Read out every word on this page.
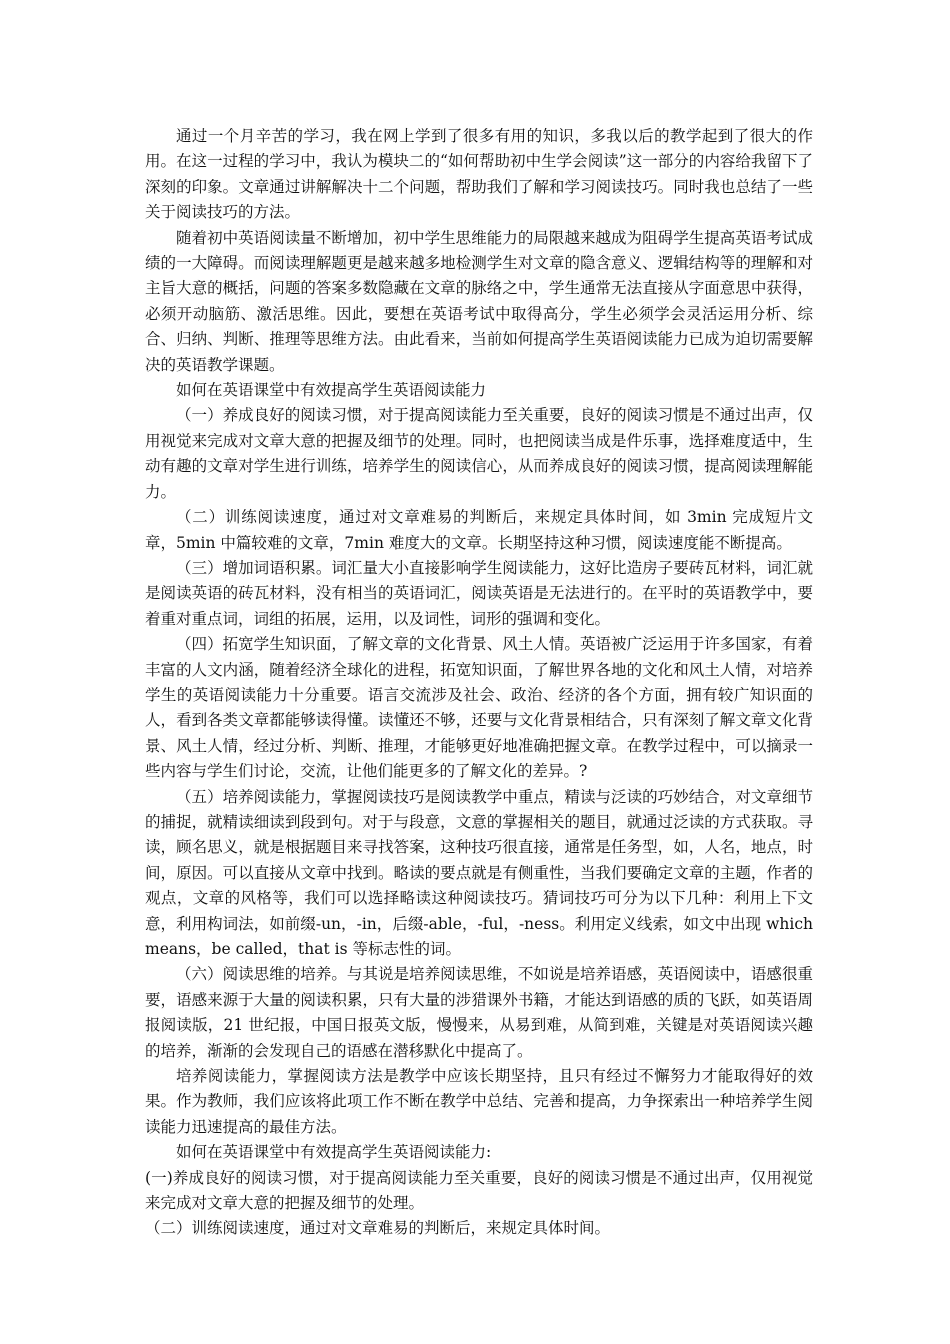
通过一个月辛苦的学习，我在网上学到了很多有用的知识，多我以后的教学起到了很大的作用。在这一过程的学习中，我认为模块二的“如何帮助初中生学会阅读”这一部分的内容给我留下了深刻的印象。文章通过讲解解决十二个问题，帮助我们了解和学习阅读技巧。同时我也总结了一些关于阅读技巧的方法。

随着初中英语阅读量不断增加，初中学生思维能力的局限越来越成为阻碍学生提高英语考试成绩的一大障碍。而阅读理解题更是越来越多地检测学生对文章的隐含意义、逻辑结构等的理解和对主旨大意的概括，问题的答案多数隐藏在文章的脉络之中，学生通常无法直接从字面意思中获得，必须开动脑筋、激活思维。因此，要想在英语考试中取得高分，学生必须学会灵活运用分析、综合、归纳、判断、推理等思维方法。由此看来，当前如何提高学生英语阅读能力已成为迫切需要解决的英语教学课题。

如何在英语课堂中有效提高学生英语阅读能力

（一）养成良好的阅读习惯，对于提高阅读能力至关重要，良好的阅读习惯是不通过出声，仅用视觉来完成对文章大意的把握及细节的处理。同时，也把阅读当成是件乐事，选择难度适中，生动有趣的文章对学生进行训练，培养学生的阅读信心，从而养成良好的阅读习惯，提高阅读理解能力。

（二）训练阅读速度，通过对文章难易的判断后，来规定具体时间，如 3min 完成短片文章，5min 中篇较难的文章，7min 难度大的文章。长期坚持这种习惯，阅读速度能不断提高。

（三）增加词语积累。词汇量大小直接影响学生阅读能力，这好比造房子要砖瓦材料，词汇就是阅读英语的砖瓦材料，没有相当的英语词汇，阅读英语是无法进行的。在平时的英语教学中，要着重对重点词，词组的拓展，运用，以及词性，词形的强调和变化。

（四）拓宽学生知识面，了解文章的文化背景、风土人情。英语被广泛运用于许多国家，有着丰富的人文内涵，随着经济全球化的进程，拓宽知识面，了解世界各地的文化和风土人情，对培养学生的英语阅读能力十分重要。语言交流涉及社会、政治、经济的各个方面，拥有较广知识面的人，看到各类文章都能够读得懂。读懂还不够，还要与文化背景相结合，只有深刻了解文章文化背景、风土人情，经过分析、判断、推理，才能够更好地准确把握文章。在教学过程中，可以摘录一些内容与学生们讨论，交流，让他们能更多的了解文化的差异。?

（五）培养阅读能力，掌握阅读技巧是阅读教学中重点，精读与泛读的巧妙结合，对文章细节的捕捉，就精读细读到段到句。对于与段意，文意的掌握相关的题目，就通过泛读的方式获取。寻读，顾名思义，就是根据题目来寻找答案，这种技巧很直接，通常是任务型，如，人名，地点，时间，原因。可以直接从文章中找到。略读的要点就是有侧重性，当我们要确定文章的主题，作者的观点，文章的风格等，我们可以选择略读这种阅读技巧。猜词技巧可分为以下几种：利用上下文意，利用构词法，如前缀-un，-in，后缀-able，-ful，-ness。利用定义线索，如文中出现 which means，be called，that is 等标志性的词。

（六）阅读思维的培养。与其说是培养阅读思维，不如说是培养语感，英语阅读中，语感很重要，语感来源于大量的阅读积累，只有大量的涉猎课外书籍，才能达到语感的质的飞跃，如英语周报阅读版，21 世纪报，中国日报英文版，慢慢来，从易到难，从简到难，关键是对英语阅读兴趣的培养，渐渐的会发现自己的语感在潜移默化中提高了。

培养阅读能力，掌握阅读方法是教学中应该长期坚持，且只有经过不懈努力才能取得好的效果。作为教师，我们应该将此项工作不断在教学中总结、完善和提高，力争探索出一种培养学生阅读能力迅速提高的最佳方法。

如何在英语课堂中有效提高学生英语阅读能力:

(一)养成良好的阅读习惯，对于提高阅读能力至关重要，良好的阅读习惯是不通过出声，仅用视觉来完成对文章大意的把握及细节的处理。

（二）训练阅读速度，通过对文章难易的判断后，来规定具体时间。
